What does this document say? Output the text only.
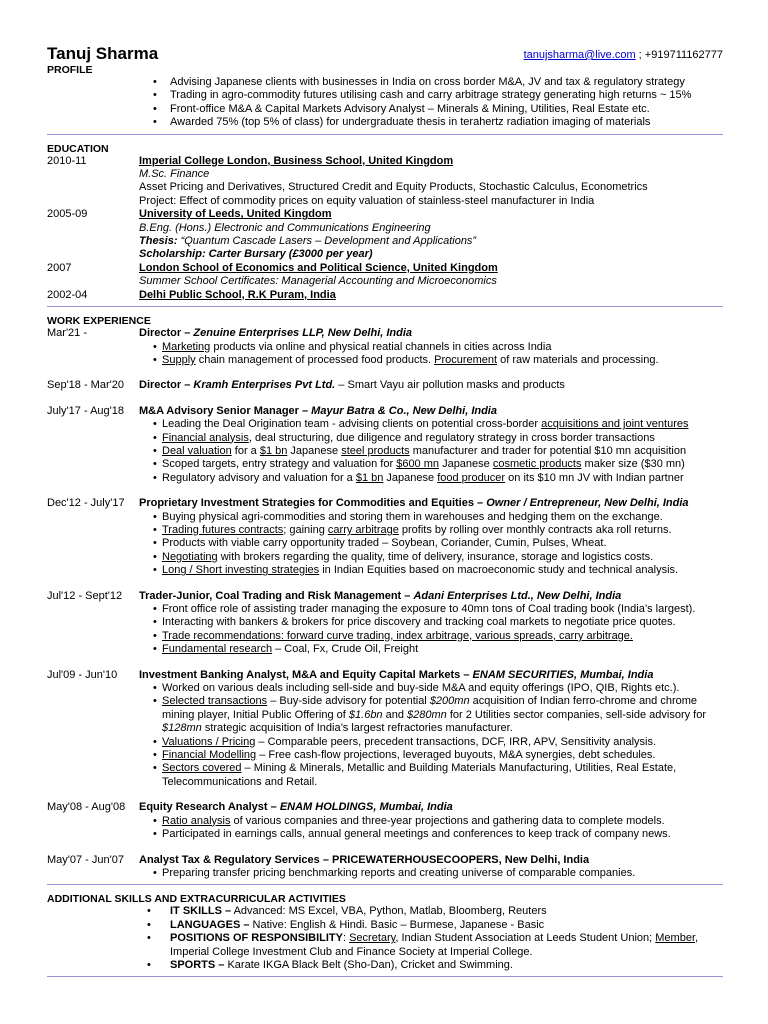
Tanuj Sharma	tanujsharma@live.com ; +919711162777
PROFILE
• Advising Japanese clients with businesses in India on cross border M&A, JV and tax & regulatory strategy
• Trading in agro-commodity futures utilising cash and carry arbitrage strategy generating high returns ~ 15%
• Front-office M&A & Capital Markets Advisory Analyst – Minerals & Mining, Utilities, Real Estate etc.
• Awarded 75% (top 5% of class) for undergraduate thesis in terahertz radiation imaging of materials
EDUCATION
2010-11	Imperial College London, Business School, United Kingdom
M.Sc. Finance
Asset Pricing and Derivatives, Structured Credit and Equity Products, Stochastic Calculus, Econometrics
Project: Effect of commodity prices on equity valuation of stainless-steel manufacturer in India
2005-09	University of Leeds, United Kingdom
B.Eng. (Hons.) Electronic and Communications Engineering
Thesis: “Quantum Cascade Lasers – Development and Applications”
Scholarship: Carter Bursary (£3000 per year)
2007	London School of Economics and Political Science, United Kingdom
Summer School Certificates: Managerial Accounting and Microeconomics
2002-04	Delhi Public School, R.K Puram, India
WORK EXPERIENCE
Mar'21 -	Director – Zenuine Enterprises LLP, New Delhi, India
• Marketing products via online and physical reatial channels in cities across India
• Supply chain management of processed food products. Procurement of raw materials and processing.
Sep'18 - Mar'20	Director – Kramh Enterprises Pvt Ltd. – Smart Vayu air pollution masks and products
July'17 - Aug'18	M&A Advisory Senior Manager – Mayur Batra & Co., New Delhi, India
• Leading the Deal Origination team - advising clients on potential cross-border acquisitions and joint ventures
• Financial analysis, deal structuring, due diligence and regulatory strategy in cross border transactions
• Deal valuation for a $1 bn Japanese steel products manufacturer and trader for potential $10 mn acquisition
• Scoped targets, entry strategy and valuation for $600 mn Japanese cosmetic products maker size ($30 mn)
• Regulatory advisory and valuation for a $1 bn Japanese food producer on its $10 mn JV with Indian partner
Dec'12 - July'17	Proprietary Investment Strategies for Commodities and Equities – Owner / Entrepreneur, New Delhi, India
• Buying physical agri-commodities and storing them in warehouses and hedging them on the exchange.
• Trading futures contracts; gaining carry arbitrage profits by rolling over monthly contracts aka roll returns.
• Products with viable carry opportunity traded – Soybean, Coriander, Cumin, Pulses, Wheat.
• Negotiating with brokers regarding the quality, time of delivery, insurance, storage and logistics costs.
• Long / Short investing strategies in Indian Equities based on macroeconomic study and technical analysis.
Jul'12 - Sept'12	Trader-Junior, Coal Trading and Risk Management – Adani Enterprises Ltd., New Delhi, India
• Front office role of assisting trader managing the exposure to 40mn tons of Coal trading book (India’s largest).
• Interacting with bankers & brokers for price discovery and tracking coal markets to negotiate price quotes.
• Trade recommendations: forward curve trading, index arbitrage, various spreads, carry arbitrage.
• Fundamental research – Coal, Fx, Crude Oil, Freight
Jul'09 - Jun'10	Investment Banking Analyst, M&A and Equity Capital Markets – ENAM SECURITIES, Mumbai, India
• Worked on various deals including sell-side and buy-side M&A and equity offerings (IPO, QIB, Rights etc.).
• Selected transactions – Buy-side advisory for potential $200mn acquisition of Indian ferro-chrome and chrome mining player, Initial Public Offering of $1.6bn and $280mn for 2 Utilities sector companies, sell-side advisory for $128mn strategic acquisition of India’s largest refractories manufacturer.
• Valuations / Pricing – Comparable peers, precedent transactions, DCF, IRR, APV, Sensitivity analysis.
• Financial Modelling – Free cash-flow projections, leveraged buyouts, M&A synergies, debt schedules.
• Sectors covered – Mining & Minerals, Metallic and Building Materials Manufacturing, Utilities, Real Estate, Telecommunications and Retail.
May'08 - Aug'08	Equity Research Analyst – ENAM HOLDINGS, Mumbai, India
• Ratio analysis of various companies and three-year projections and gathering data to complete models.
• Participated in earnings calls, annual general meetings and conferences to keep track of company news.
May'07 - Jun'07	Analyst Tax & Regulatory Services – PRICEWATERHOUSECOOPERS, New Delhi, India
• Preparing transfer pricing benchmarking reports and creating universe of comparable companies.
ADDITIONAL SKILLS AND EXTRACURRICULAR ACTIVITIES
• IT SKILLS – Advanced: MS Excel, VBA, Python, Matlab, Bloomberg, Reuters
• LANGUAGES – Native: English & Hindi. Basic – Burmese, Japanese - Basic
• POSITIONS OF RESPONSIBILITY: Secretary, Indian Student Association at Leeds Student Union; Member, Imperial College Investment Club and Finance Society at Imperial College.
• SPORTS – Karate IKGA Black Belt (Sho-Dan), Cricket and Swimming.
